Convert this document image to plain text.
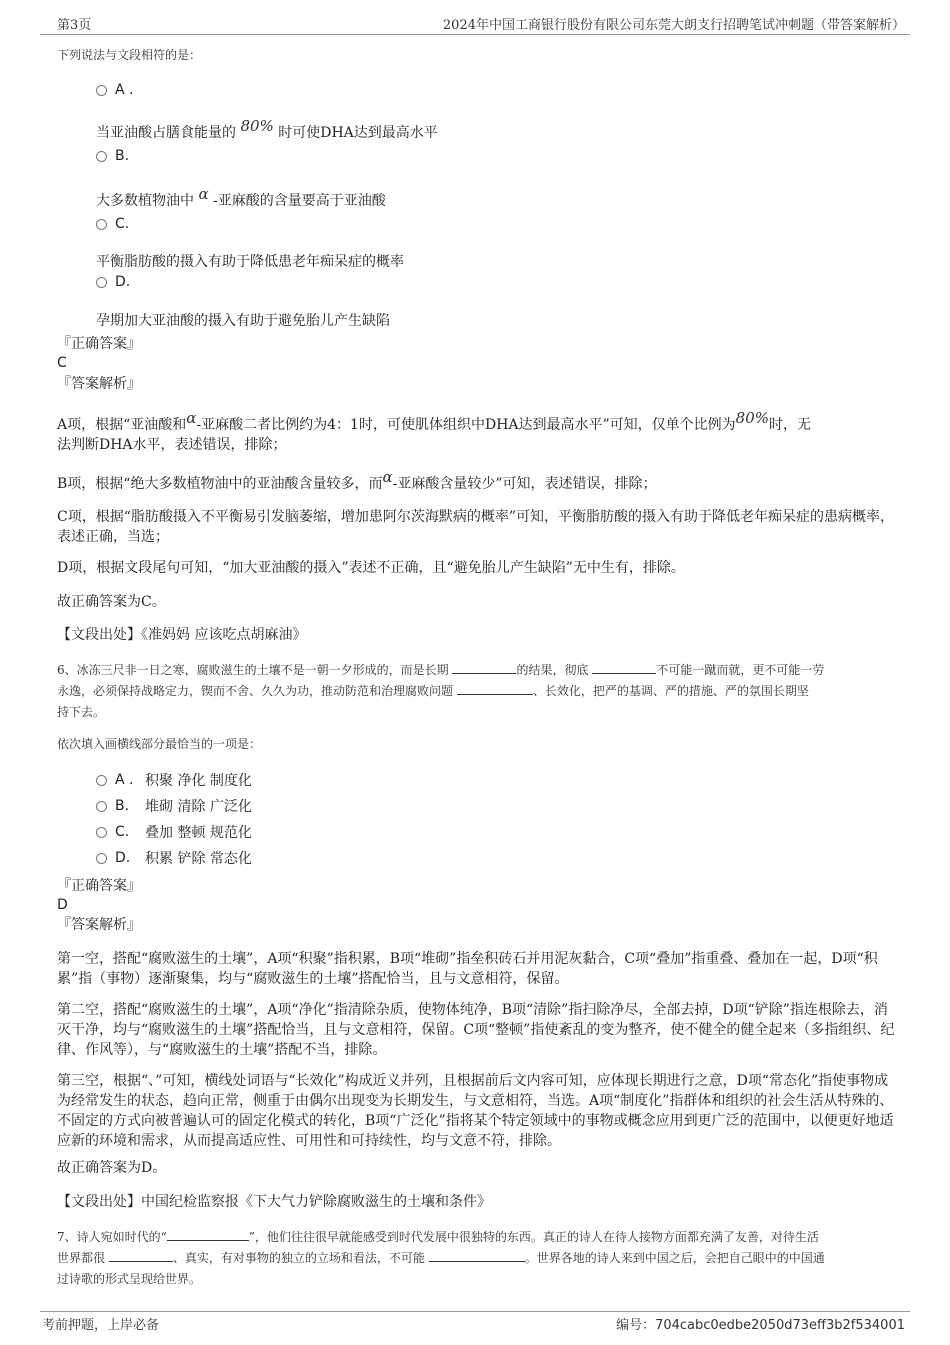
第3页	2024年中国工商银行股份有限公司东莞大朗支行招聘笔试冲刺题（带答案解析）
下列说法与文段相符的是：
A .
当亚油酸占膳食能量的 80% 时可使DHA达到最高水平
B.
大多数植物油中 α -亚麻酸的含量要高于亚油酸
C.
平衡脂肪酸的摄入有助于降低患老年痴呆症的概率
D.
孕期加大亚油酸的摄入有助于避免胎儿产生缺陷
『正确答案』
C
『答案解析』

A项，根据“亚油酸和α-亚麻酸二者比例约为4：1时，可使肌体组织中DHA达到最高水平”可知，仅单个比例为80%时，无

法判断DHA水平，表述错误，排除；

B项，根据“绝大多数植物油中的亚油酸含量较多，而α-亚麻酸含量较少”可知，表述错误，排除；
C项，根据“脂肪酸摄入不平衡易引发脑萎缩，增加患阿尔茨海默病的概率”可知，平衡脂肪酸的摄入有助于降低老年痴呆症的患病概率，表述正确，当选；
D项，根据文段尾句可知，“加大亚油酸的摄入”表述不正确，且“避免胎儿产生缺陷”无中生有，排除。
故正确答案为C。
【文段出处】《准妈妈 应该吃点胡麻油》

6、冰冻三尺非一日之寒，腐败滋生的土壤不是一朝一夕形成的，而是长期	的结果，彻底	不可能一蹴而就，更不可能一劳

永逸，必须保持战略定力，锲而不舍、久久为功，推动防范和治理腐败问题	、长效化，把严的基调、严的措施、严的氛围长期坚

持下去。

依次填入画横线部分最恰当的一项是：
A . 积聚 净化 制度化
B.	堆砌 清除 广泛化
C.	叠加 整顿 规范化
D.	积累 铲除 常态化
『正确答案』
D
『答案解析』
第一空，搭配“腐败滋生的土壤”，A项“积聚”指积累，B项“堆砌”指垒积砖石并用泥灰黏合，C项“叠加”指重叠、叠加在一起，D项“积累”指（事物）逐渐聚集，均与“腐败滋生的土壤”搭配恰当，且与文意相符，保留。
第二空，搭配“腐败滋生的土壤”，A项“净化”指清除杂质，使物体纯净，B项“清除”指扫除净尽，全部去掉，D项“铲除”指连根除去，消灭干净，均与“腐败滋生的土壤”搭配恰当，且与文意相符，保留。C项“整顿”指使紊乱的变为整齐，使不健全的健全起来（多指组织、纪律、作风等），与“腐败滋生的土壤”搭配不当，排除。
第三空，根据“、”可知，横线处词语与“长效化”构成近义并列，且根据前后文内容可知，应体现长期进行之意，D项“常态化”指使事物成为经常发生的状态，趋向正常，侧重于由偶尔出现变为长期发生，与文意相符，当选。A项“制度化”指群体和组织的社会生活从特殊的、不固定的方式向被普遍认可的固定化模式的转化，B项“广泛化”指将某个特定领域中的事物或概念应用到更广泛的范围中，以便更好地适应新的环境和需求，从而提高适应性、可用性和可持续性，均与文意不符，排除。
故正确答案为D。
【文段出处】中国纪检监察报《下大气力铲除腐败滋生的土壤和条件》

7、诗人宛如时代的“	”，他们往往很早就能感受到时代发展中很独特的东西。真正的诗人在待人接物方面都充满了友善，对待生活

世界都很	、真实，有对事物的独立的立场和看法，不可能	。世界各地的诗人来到中国之后，会把自己眼中的中国通

过诗歌的形式呈现给世界。

考前押题，上岸必备	编号：704cabc0edbe2050d73eff3b2f534001
